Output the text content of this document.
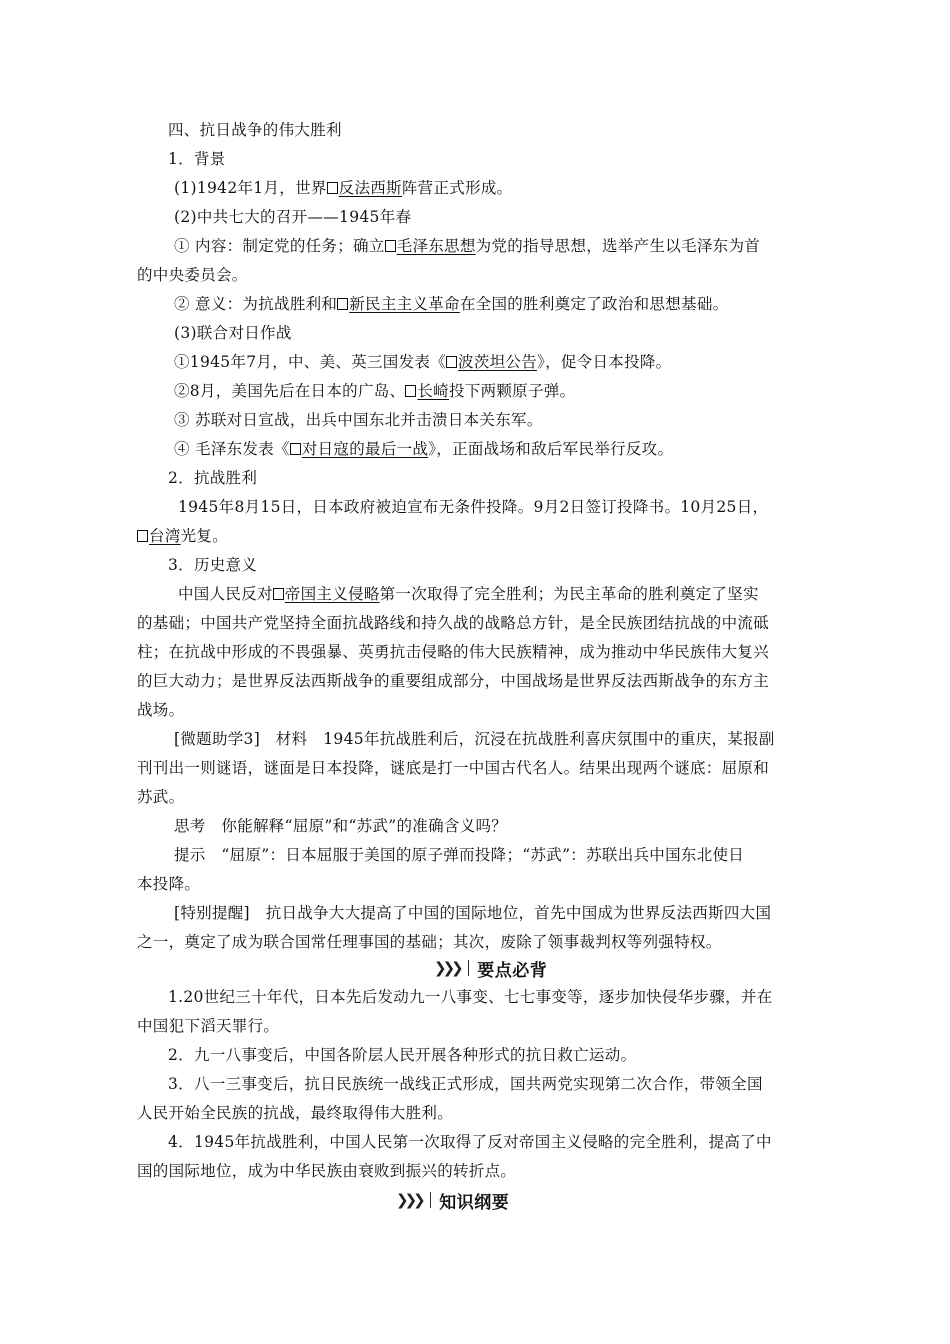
四、抗日战争的伟大胜利
1．背景
(1)1942年1月，世界 反法西斯阵营正式形成。
(2)中共七大的召开——1945年春
① 内容：制定党的任务；确立 毛泽东思想为党的指导思想，选举产生以毛泽东为首
的中央委员会。
② 意义：为抗战胜利和 新民主主义革命在全国的胜利奠定了政治和思想基础。
(3)联合对日作战
①1945年7月，中、美、英三国发表《 波茨坦公告》，促令日本投降。
②8月，美国先后在日本的广岛、 长崎投下两颗原子弹。
③ 苏联对日宣战，出兵中国东北并击溃日本关东军。
④ 毛泽东发表《 对日寇的最后一战》，正面战场和敌后军民举行反攻。
2．抗战胜利
1945年8月15日，日本政府被迫宣布无条件投降。9月2日签订投降书。10月25日，
台湾光复。
3．历史意义
中国人民反对 帝国主义侵略第一次取得了完全胜利；为民主革命的胜利奠定了坚实
的基础；中国共产党坚持全面抗战路线和持久战的战略总方针，是全民族团结抗战的中流砥
柱；在抗战中形成的不畏强暴、英勇抗击侵略的伟大民族精神，成为推动中华民族伟大复兴
的巨大动力；是世界反法西斯战争的重要组成部分，中国战场是世界反法西斯战争的东方主
战场。
[微题助学3]　材料　1945年抗战胜利后，沉浸在抗战胜利喜庆氛围中的重庆，某报副
刊刊出一则谜语，谜面是日本投降，谜底是打一中国古代名人。结果出现两个谜底：屈原和
苏武。
思考　你能解释“屈原”和“苏武”的准确含义吗？
提示　“屈原”：日本屈服于美国的原子弹而投降；“苏武”：苏联出兵中国东北使日
本投降。
[特别提醒]　抗日战争大大提高了中国的国际地位，首先中国成为世界反法西斯四大国
之一，奠定了成为联合国常任理事国的基础；其次，废除了领事裁判权等列强特权。
❯❯❯ 要点必背
1.20世纪三十年代，日本先后发动九一八事变、七七事变等，逐步加快侵华步骤，并在
中国犯下滔天罪行。
2．九一八事变后，中国各阶层人民开展各种形式的抗日救亡运动。
3．八一三事变后，抗日民族统一战线正式形成，国共两党实现第二次合作，带领全国
人民开始全民族的抗战，最终取得伟大胜利。
4．1945年抗战胜利，中国人民第一次取得了反对帝国主义侵略的完全胜利，提高了中
国的国际地位，成为中华民族由衰败到振兴的转折点。
❯❯❯ 知识纲要
